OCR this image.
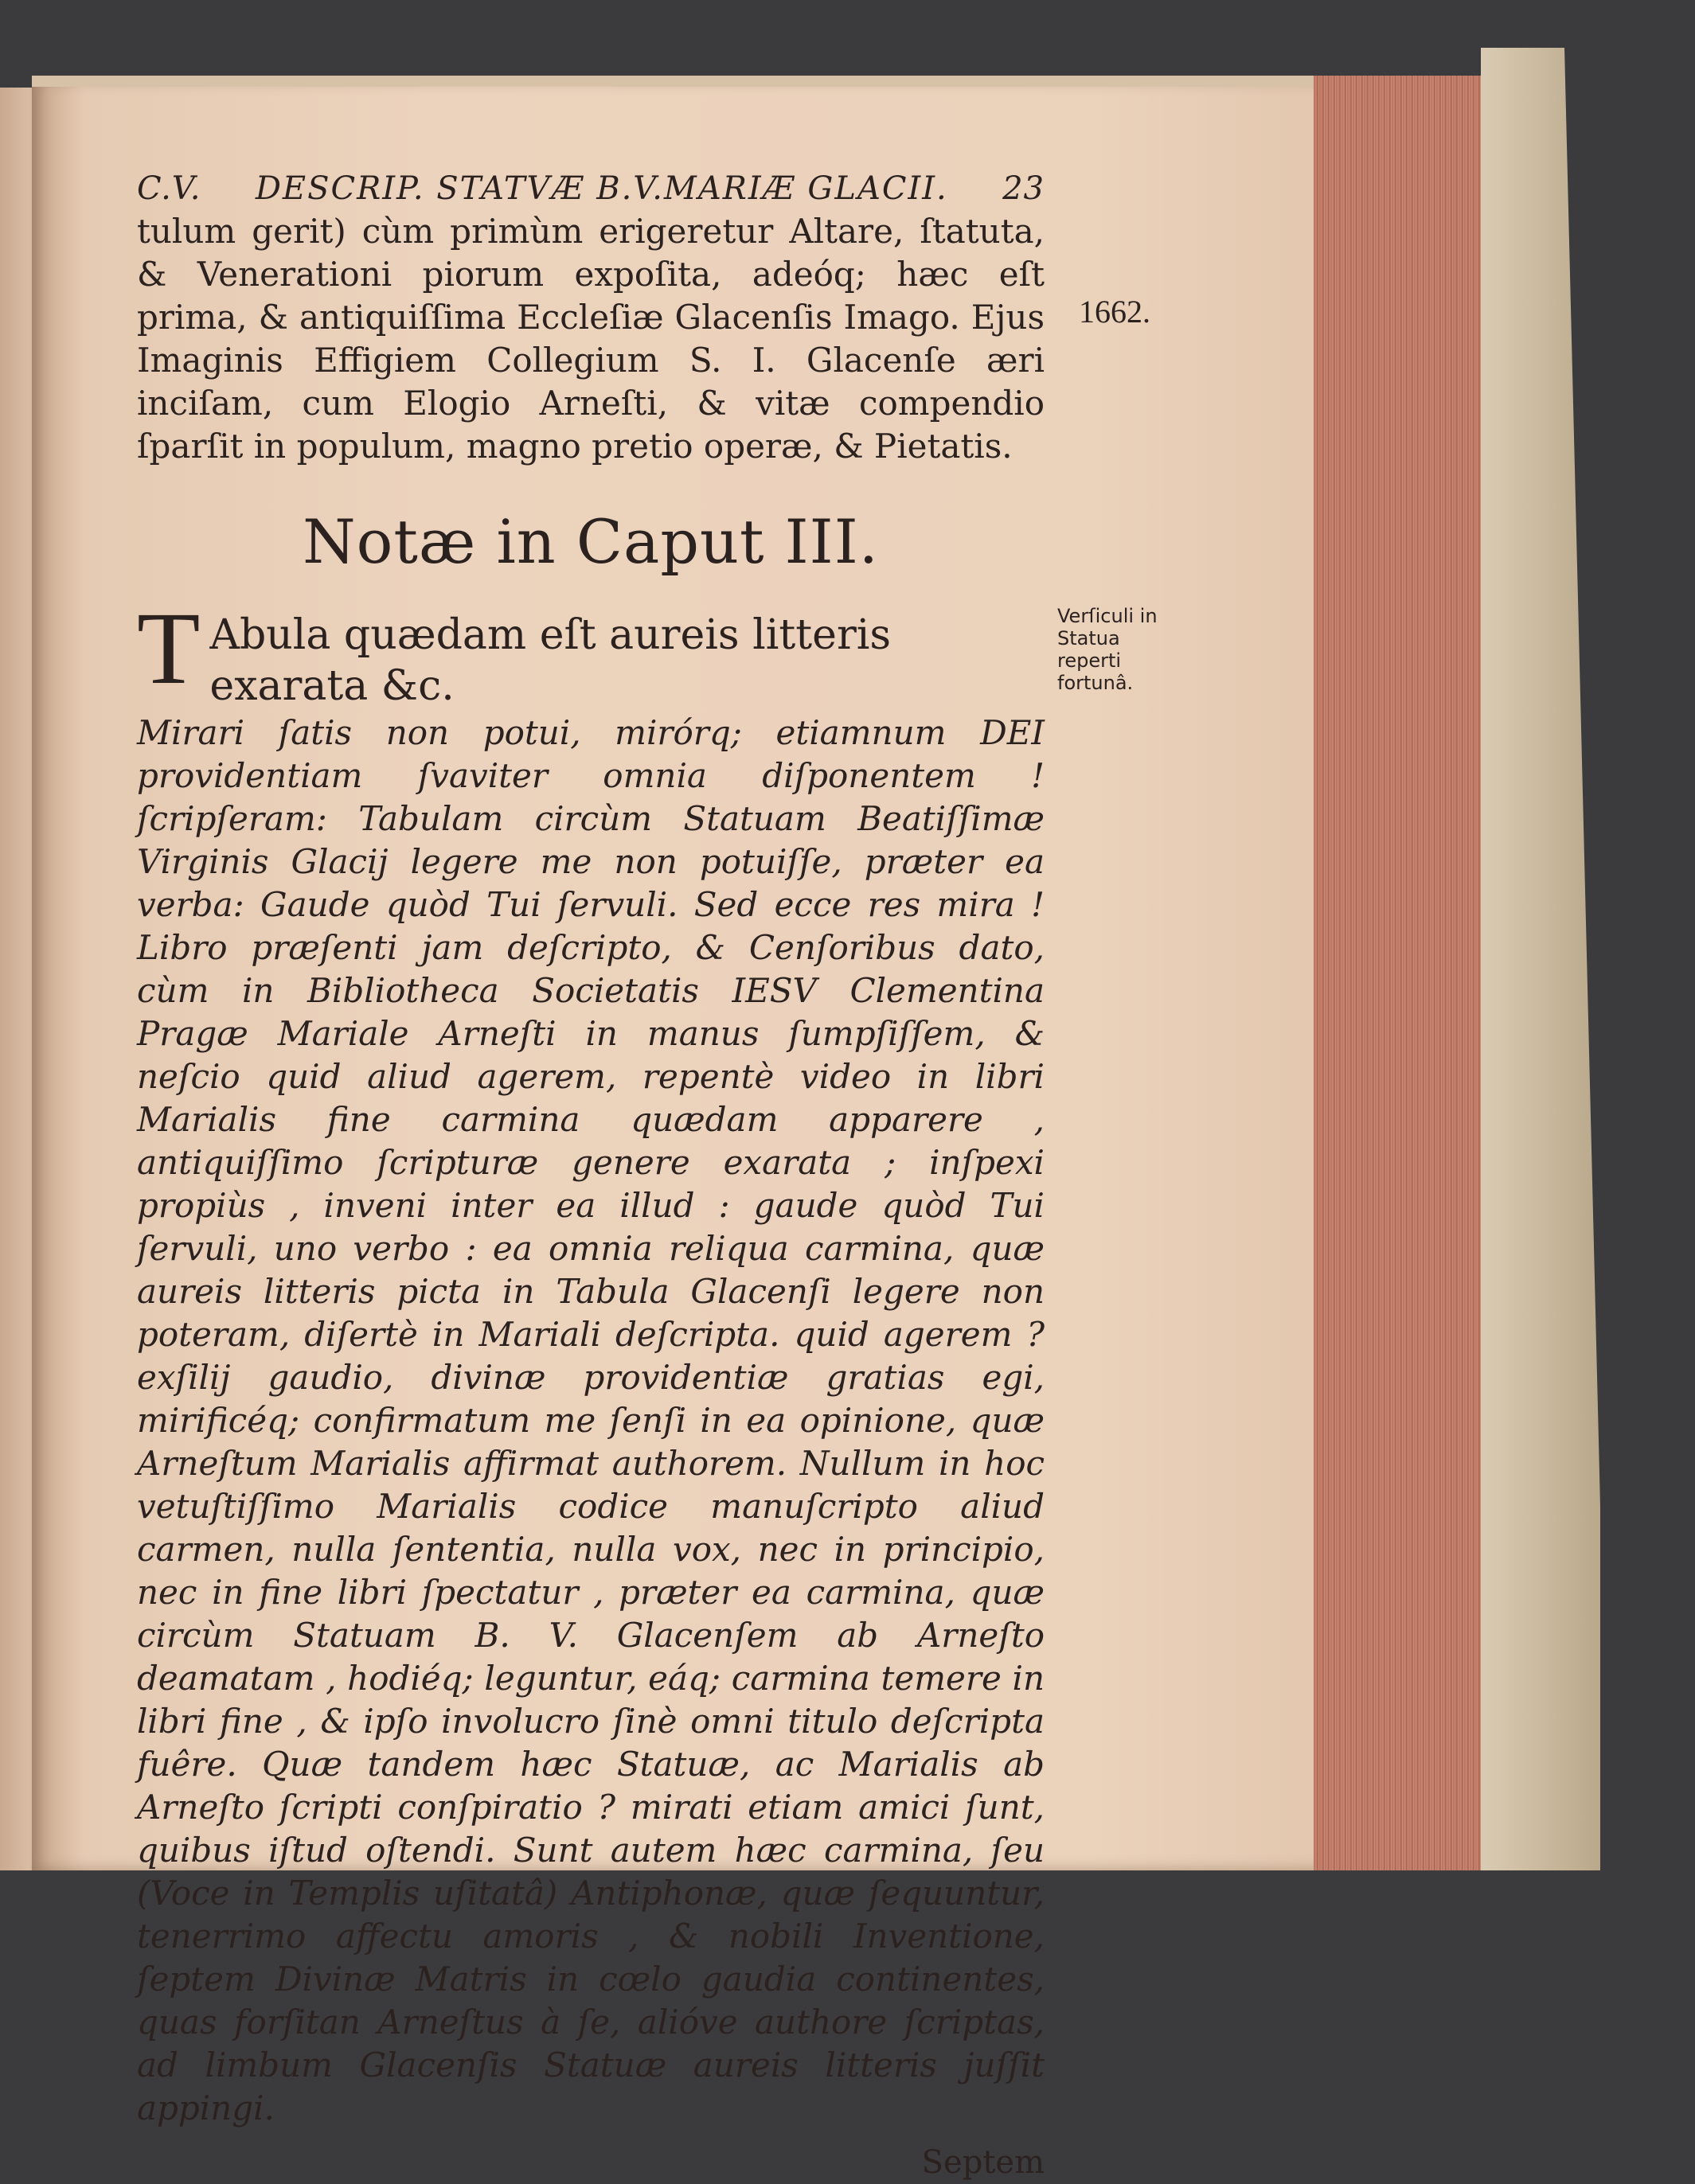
C.V.	DESCRIP. STATVÆ B.V.MARIÆ GLACII.	23

tulum gerit) cùm primùm erigeretur Altare, ſtatuta, & Venerationi piorum expoſita, adeóq; hæc eſt prima, & antiquiſſima Eccleſiæ Glacenſis Imago. Ejus Imaginis Effigiem Collegium S. I. Glacenſe æri inciſam, cum Elogio Arneſti, & vitæ compendio ſparſit in populum, magno pretio operæ, & Pietatis.

Notæ in Caput III.
T Abula quædam eſt aureis litteris exarata &c.

Mirari ſatis non potui, mirórq; etiamnum DEI providentiam ſvaviter omnia diſponentem ! ſcripſeram: Tabulam circùm Statuam Beatiſſimæ Virginis Glacij legere me non potuiſſe, præter ea verba: Gaude quòd Tui ſervuli. Sed ecce res mira ! Libro præſenti jam deſcripto, & Cenſoribus dato, cùm in Bibliotheca Societatis IESV Clementina Pragæ Mariale Arneſti in manus ſumpſiſſem, & neſcio quid aliud agerem, repentè video in libri Marialis fine carmina quædam apparere , antiquiſſimo ſcripturæ genere exarata ; inſpexi propiùs , inveni inter ea illud : gaude quòd Tui ſervuli, uno verbo : ea omnia reliqua carmina, quæ aureis litteris picta in Tabula Glacenſi legere non poteram, diſertè in Mariali deſcripta. quid agerem ? exſilij gaudio, divinæ providentiæ gratias egi, mirificéq; confirmatum me ſenſi in ea opinione, quæ Arneſtum Marialis affirmat authorem. Nullum in hoc vetuſtiſſimo Marialis codice manuſcripto aliud carmen, nulla ſententia, nulla vox, nec in principio, nec in fine libri ſpectatur , præter ea carmina, quæ circùm Statuam B. V. Glacenſem ab Arneſto deamatam , hodiéq; leguntur, eáq; carmina temere in libri fine , & ipſo involucro ſinè omni titulo deſcripta fuêre. Quæ tandem hæc Statuæ, ac Marialis ab Arneſto ſcripti conſpiratio ? mirati etiam amici ſunt, quibus iſtud oſtendi. Sunt autem hæc carmina, ſeu (Voce in Templis uſitatâ) Antiphonæ, quæ ſequuntur, tenerrimo affectu amoris , & nobili Inventione, ſeptem Divinæ Matris in cœlo gaudia continentes, quas forſitan Arneſtus à ſe, alióve authore ſcriptas, ad limbum Glacenſis Statuæ aureis litteris juſſit appingi.

Septem
1662.
Verſiculi in Statua reperti fortunâ.
